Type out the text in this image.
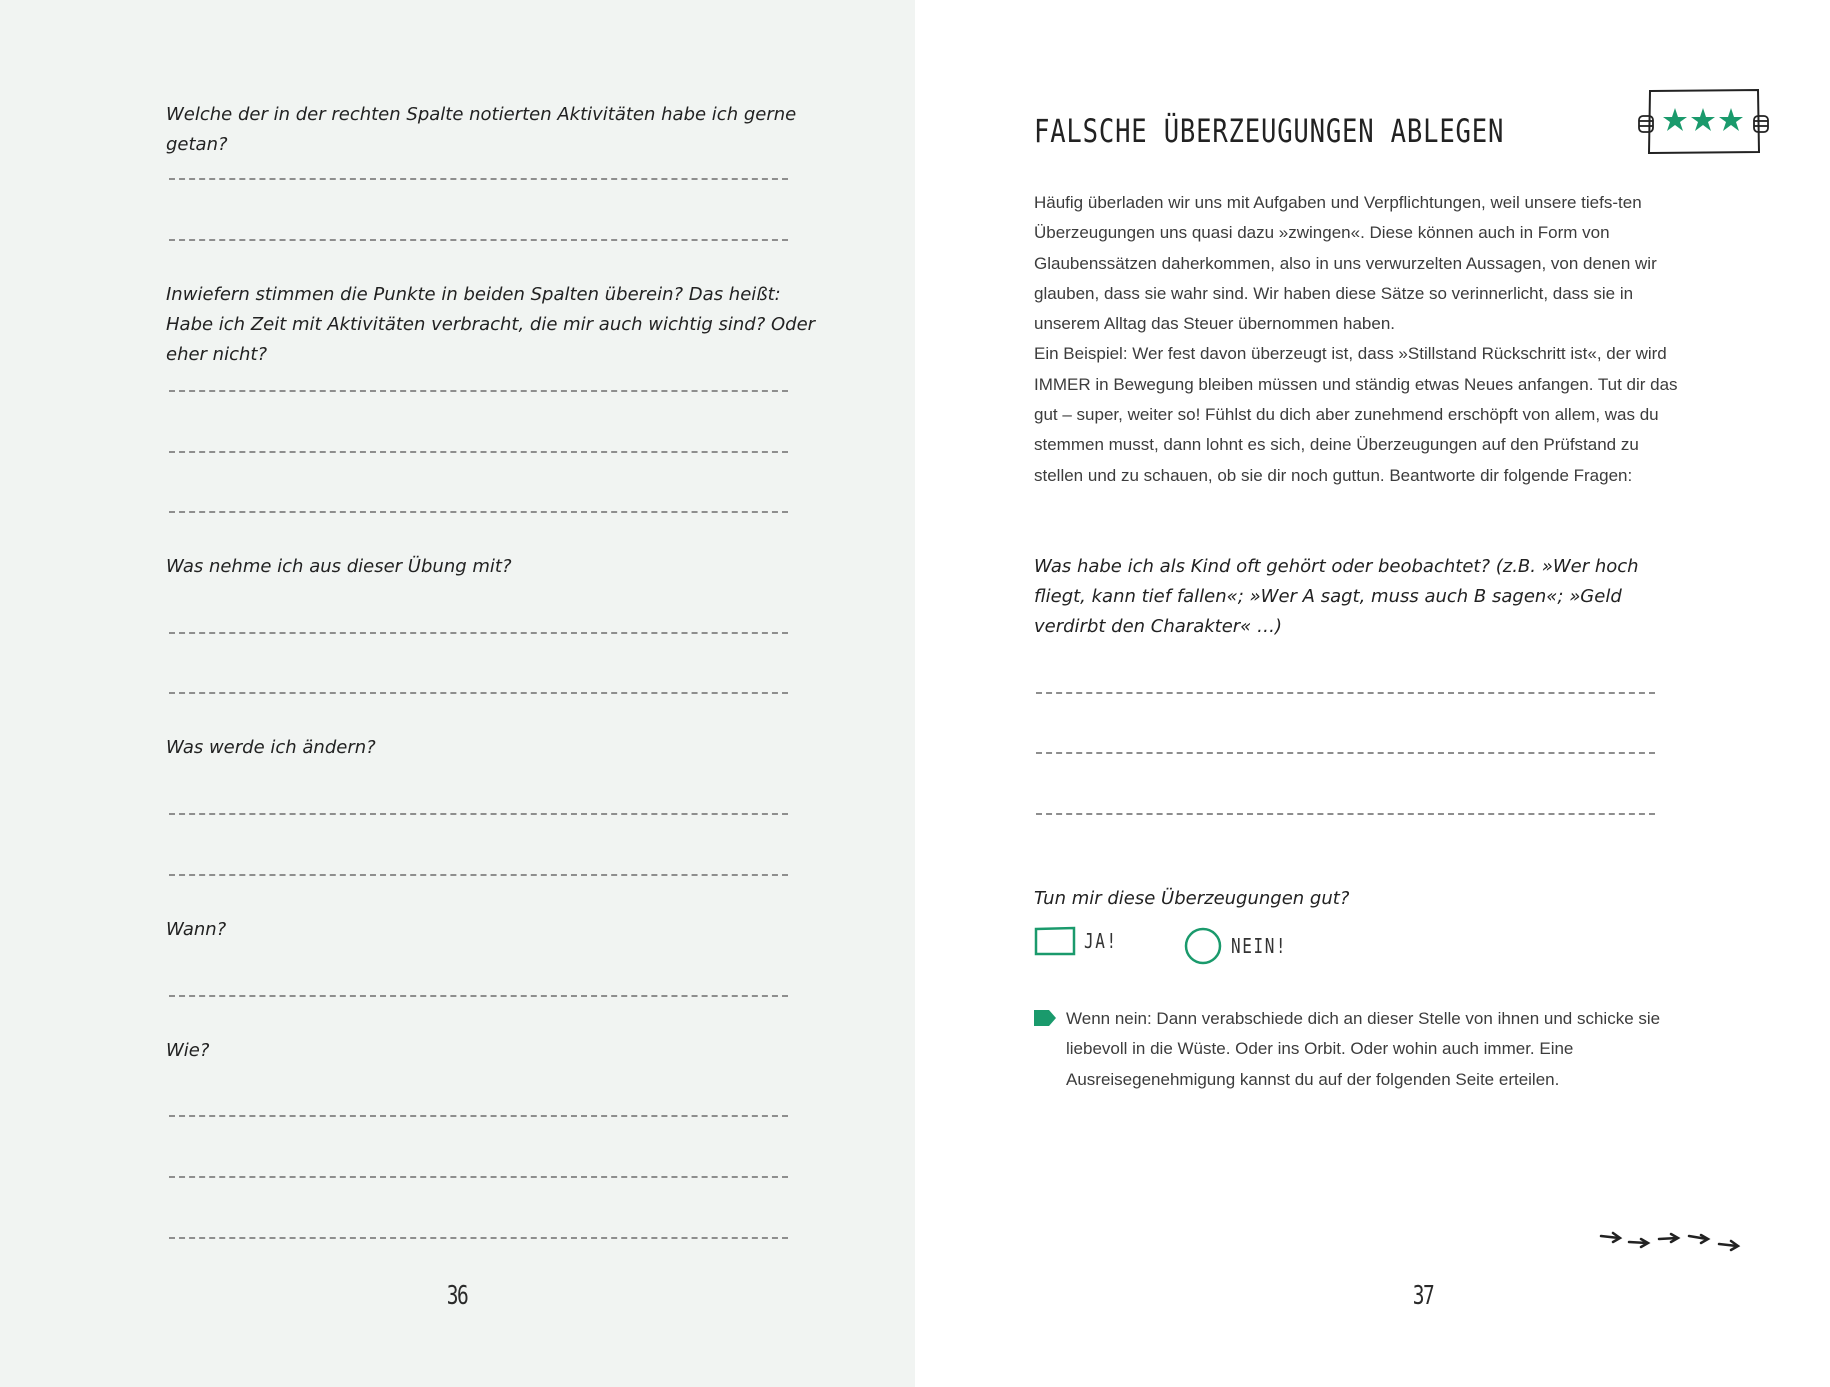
Welche der in der rechten Spalte notierten Aktivitäten habe ich gerne getan?

Inwiefern stimmen die Punkte in beiden Spalten überein? Das heißt: Habe ich Zeit mit Aktivitäten verbracht, die mir auch wichtig sind? Oder eher nicht?

Was nehme ich aus dieser Übung mit?

Was werde ich ändern?

Wann?

Wie?

36
FALSCHE ÜBERZEUGUNGEN ABLEGEN
Häufig überladen wir uns mit Aufgaben und Verpflichtungen, weil unsere tiefs-ten Überzeugungen uns quasi dazu »zwingen«. Diese können auch in Form von Glaubenssätzen daherkommen, also in uns verwurzelten Aussagen, von denen wir glauben, dass sie wahr sind. Wir haben diese Sätze so verinnerlicht, dass sie in unserem Alltag das Steuer übernommen haben.
Ein Beispiel: Wer fest davon überzeugt ist, dass »Stillstand Rückschritt ist«, der wird IMMER in Bewegung bleiben müssen und ständig etwas Neues anfangen. Tut dir das gut – super, weiter so! Fühlst du dich aber zunehmend erschöpft von allem, was du stemmen musst, dann lohnt es sich, deine Überzeugungen auf den Prüfstand zu stellen und zu schauen, ob sie dir noch guttun. Beantworte dir folgende Fragen:

Was habe ich als Kind oft gehört oder beobachtet? (z.B. »Wer hoch fliegt, kann tief fallen«; »Wer A sagt, muss auch B sagen«; »Geld verdirbt den Charakter« …)

Tun mir diese Überzeugungen gut?

JA!	NEIN!

Wenn nein: Dann verabschiede dich an dieser Stelle von ihnen und schicke sie liebevoll in die Wüste. Oder ins Orbit. Oder wohin auch immer. Eine Ausreisegenehmigung kannst du auf der folgenden Seite erteilen.

37
